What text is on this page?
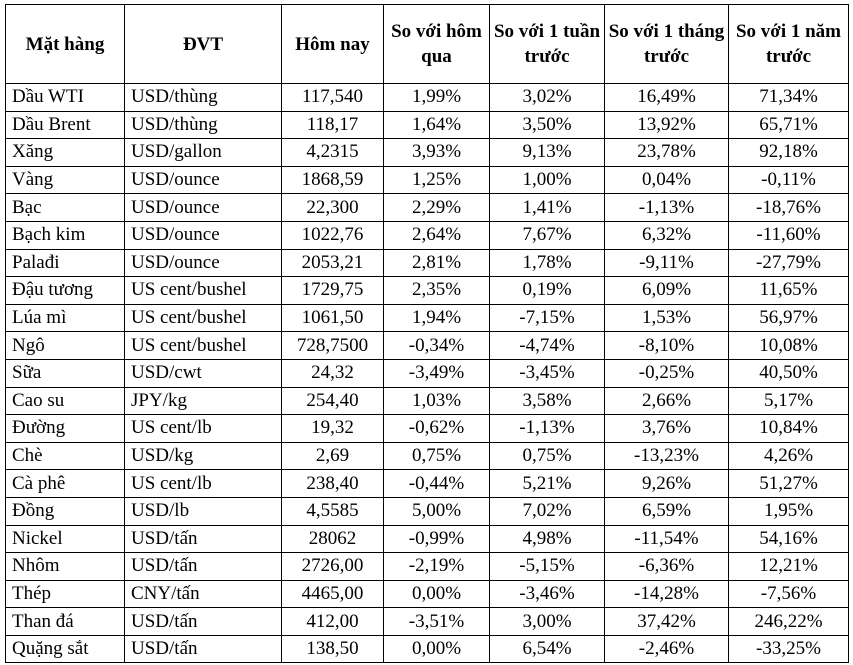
Mặt hàng	ĐVT	Hôm nay	So với hôm qua	So với 1 tuần trước	So với 1 tháng trước	So với 1 năm trước
Dầu WTI	USD/thùng	117,540	1,99%	3,02%	16,49%	71,34%
Dầu Brent	USD/thùng	118,17	1,64%	3,50%	13,92%	65,71%
Xăng	USD/gallon	4,2315	3,93%	9,13%	23,78%	92,18%
Vàng	USD/ounce	1868,59	1,25%	1,00%	0,04%	-0,11%
Bạc	USD/ounce	22,300	2,29%	1,41%	-1,13%	-18,76%
Bạch kim	USD/ounce	1022,76	2,64%	7,67%	6,32%	-11,60%
Palađi	USD/ounce	2053,21	2,81%	1,78%	-9,11%	-27,79%
Đậu tương	US cent/bushel	1729,75	2,35%	0,19%	6,09%	11,65%
Lúa mì	US cent/bushel	1061,50	1,94%	-7,15%	1,53%	56,97%
Ngô	US cent/bushel	728,7500	-0,34%	-4,74%	-8,10%	10,08%
Sữa	USD/cwt	24,32	-3,49%	-3,45%	-0,25%	40,50%
Cao su	JPY/kg	254,40	1,03%	3,58%	2,66%	5,17%
Đường	US cent/lb	19,32	-0,62%	-1,13%	3,76%	10,84%
Chè	USD/kg	2,69	0,75%	0,75%	-13,23%	4,26%
Cà phê	US cent/lb	238,40	-0,44%	5,21%	9,26%	51,27%
Đồng	USD/lb	4,5585	5,00%	7,02%	6,59%	1,95%
Nickel	USD/tấn	28062	-0,99%	4,98%	-11,54%	54,16%
Nhôm	USD/tấn	2726,00	-2,19%	-5,15%	-6,36%	12,21%
Thép	CNY/tấn	4465,00	0,00%	-3,46%	-14,28%	-7,56%
Than đá	USD/tấn	412,00	-3,51%	3,00%	37,42%	246,22%
Quặng sắt	USD/tấn	138,50	0,00%	6,54%	-2,46%	-33,25%
